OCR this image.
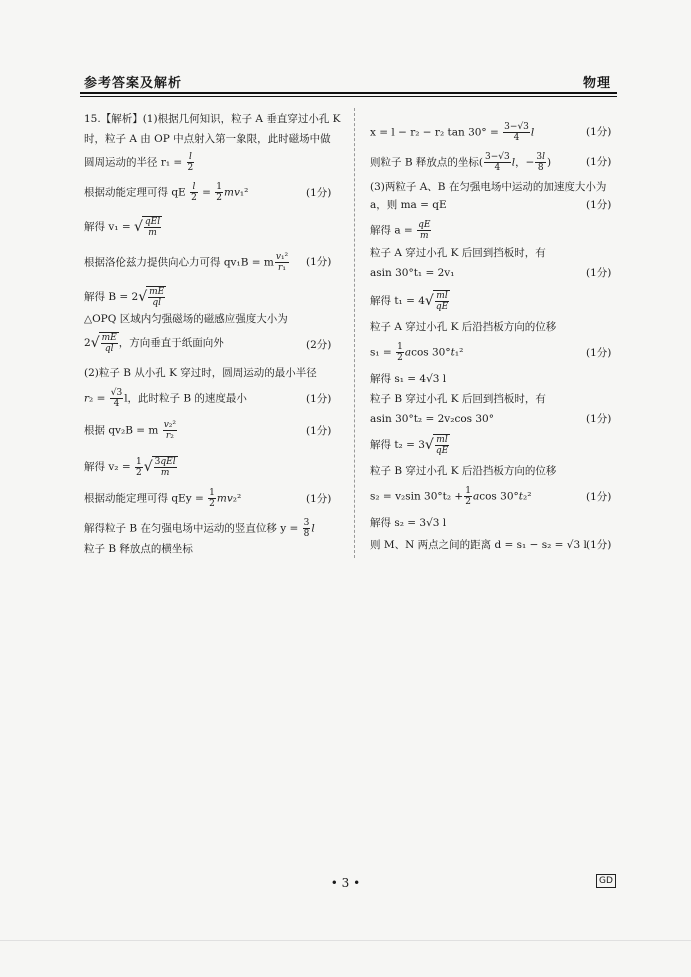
参考答案及解析	物理
15.【解析】(1)根据几何知识，粒子 A 垂直穿过小孔 K
时，粒子 A 由 OP 中点射入第一象限，此时磁场中做
圆周运动的半径 $r_1 = \frac{l}{2}$
根据动能定理可得 qE $\frac{l}{2} = \frac{1}{2} mv_1^2$	(1分)
解得 v₁ = √ qEl
m
根据洛伦兹力提供向心力可得 qv₁B = m $\frac{\text{v₁²}}{\text{r₁}} (1$分)
解得 $B = 2√ \frac{mE}{ql}$
△OPQ 区域内匀强磁场的磁感应强度大小为
$2√ \frac{mE}{ql}$ ，方向垂直于纸面向外	(2分)
(2)粒子 B 从小孔 K 穿过时，圆周运动的最小半径
$r_2 = \frac{√3}{4}$ l，此时粒子 B 的速度最小	(1分)
根据 qv₂B = m $\frac{\text{v₂²}}{\text{r₂}}$	(1分)
解得 $v_2 = \frac{1}{2}$ √ 3qEl
m
根据动能定理可得 qEy = $\frac{1}{2} mv_2^2$	(1分)
解得粒子 B 在匀强电场中运动的竖直位移 $y = \frac{3}{8}$ l
粒子 B 释放点的横坐标
x = l − r₂ − r₂ $\tan 30^\circ = \frac{3-√3}{4}$ l	(1分)
则粒子 B 释放点的坐标( $\frac{3-√3}{4}$ l，− $\frac{3l}{8}$ )	(1分)
(3)两粒子 A、B 在匀强电场中运动的加速度大小为
a，则 ma = qE	(1分)
解得 $a = \frac{qE}{m}$
粒子 A 穿过小孔 K 后回到挡板时，有
asin 30°t₁ = 2v₁	(1分)
解得 $t_1 = 4√ \frac{ml}{qE}$
粒子 A 穿过小孔 K 后沿挡板方向的位移
$s_1 = \frac{1}{2}$ acos 30°t₁²	(1分)
解得 s₁ = 4√3 l
粒子 B 穿过小孔 K 后回到挡板时，有
asin 30°t₂ = 2v₂cos 30°	(1分)
解得 $t_2 = 3√ \frac{ml}{qE}$
粒子 B 穿过小孔 K 后沿挡板方向的位移
s₂ = v₂sin $30^\circ t_2 + \frac{1}{2}$ acos 30°t₂²	(1分)
解得 s₂ = 3√3 l
则 M、N 两点之间的距离 d = s₁ − s₂ = √3 l (1分)
• 3 •	GD
